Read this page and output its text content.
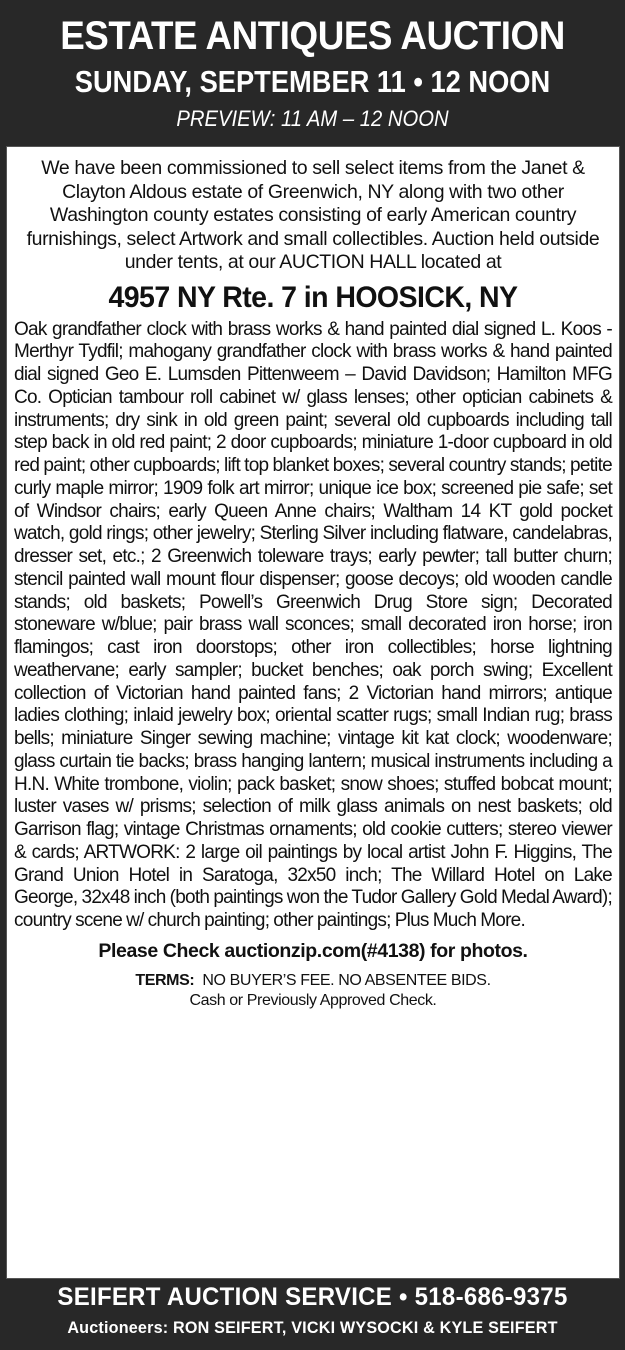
ESTATE ANTIQUES AUCTION
SUNDAY, SEPTEMBER 11 • 12 NOON
PREVIEW: 11 AM – 12 NOON
We have been commissioned to sell select items from the Janet & Clayton Aldous estate of Greenwich, NY along with two other Washington county estates consisting of early American country furnishings, select Artwork and small collectibles. Auction held outside under tents, at our AUCTION HALL located at
4957 NY Rte. 7 in HOOSICK, NY
Oak grandfather clock with brass works & hand painted dial signed L. Koos - Merthyr Tydfil; mahogany grandfather clock with brass works & hand painted dial signed Geo E. Lumsden Pittenweem – David Davidson; Hamilton MFG Co. Optician tambour roll cabinet w/ glass lenses; other optician cabinets & instruments; dry sink in old green paint; several old cupboards including tall step back in old red paint; 2 door cupboards; miniature 1-door cupboard in old red paint; other cupboards; lift top blanket boxes; several country stands; petite curly maple mirror; 1909 folk art mirror; unique ice box; screened pie safe; set of Windsor chairs; early Queen Anne chairs; Waltham 14 KT gold pocket watch, gold rings; other jewelry; Sterling Silver including flatware, candelabras, dresser set, etc.; 2 Greenwich toleware trays; early pewter; tall butter churn; stencil painted wall mount flour dispenser; goose decoys; old wooden candle stands; old baskets; Powell’s Greenwich Drug Store sign; Decorated stoneware w/blue; pair brass wall sconces; small decorated iron horse; iron flamingos; cast iron doorstops; other iron collectibles; horse lightning weathervane; early sampler; bucket benches; oak porch swing; Excellent collection of Victorian hand painted fans; 2 Victorian hand mirrors; antique ladies clothing; inlaid jewelry box; oriental scatter rugs; small Indian rug; brass bells; miniature Singer sewing machine; vintage kit kat clock; woodenware; glass curtain tie backs; brass hanging lantern; musical instruments including a H.N. White trombone, violin; pack basket; snow shoes; stuffed bobcat mount; luster vases w/ prisms; selection of milk glass animals on nest baskets; old Garrison flag; vintage Christmas ornaments; old cookie cutters; stereo viewer & cards; ARTWORK: 2 large oil paintings by local artist John F. Higgins, The Grand Union Hotel in Saratoga, 32x50 inch; The Willard Hotel on Lake George, 32x48 inch (both paintings won the Tudor Gallery Gold Medal Award); country scene w/ church painting; other paintings; Plus Much More.
Please Check auctionzip.com(#4138) for photos.
TERMS: NO BUYER’S FEE. NO ABSENTEE BIDS.
Cash or Previously Approved Check.
SEIFERT AUCTION SERVICE • 518-686-9375
Auctioneers: RON SEIFERT, VICKI WYSOCKI & KYLE SEIFERT
